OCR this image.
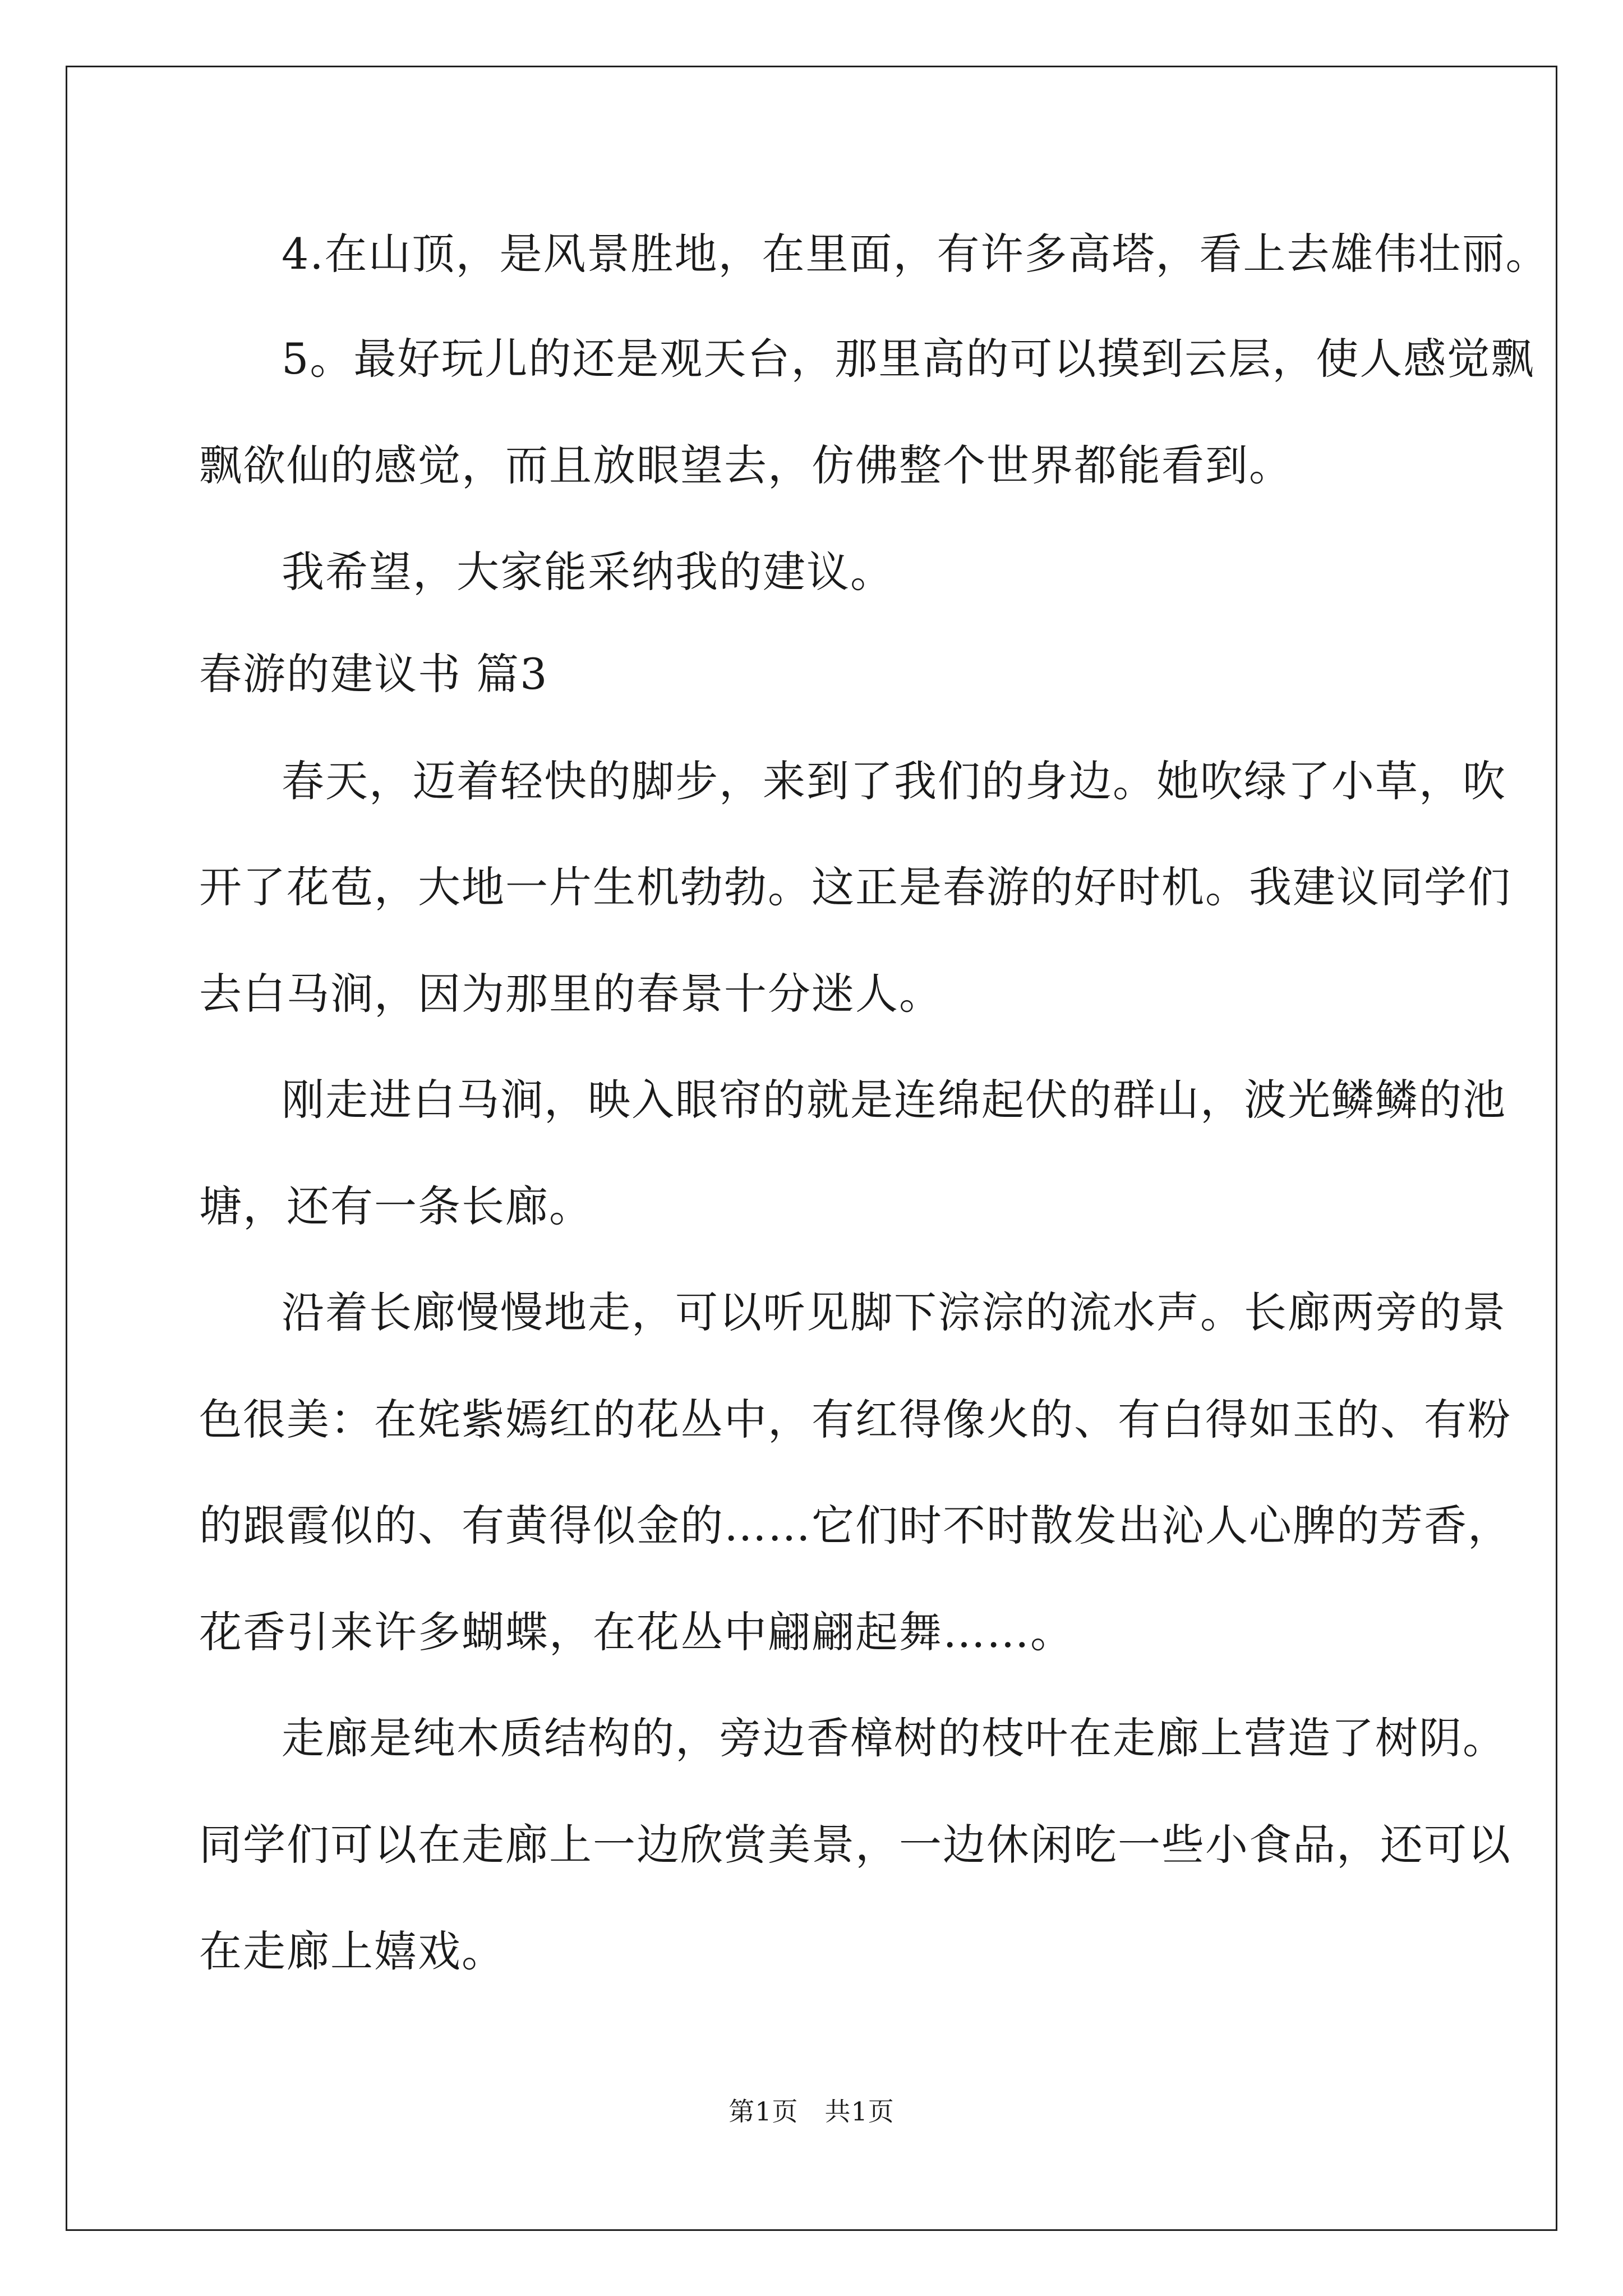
4.在山顶，是风景胜地，在里面，有许多高塔，看上去雄伟壮丽。
5。最好玩儿的还是观天台，那里高的可以摸到云层，使人感觉飘
飘欲仙的感觉，而且放眼望去，仿佛整个世界都能看到。
我希望，大家能采纳我的建议。
春游的建议书 篇3
春天，迈着轻快的脚步，来到了我们的身边。她吹绿了小草，吹
开了花苞，大地一片生机勃勃。这正是春游的好时机。我建议同学们
去白马涧，因为那里的春景十分迷人。
刚走进白马涧，映入眼帘的就是连绵起伏的群山，波光鳞鳞的池
塘，还有一条长廊。
沿着长廊慢慢地走，可以听见脚下淙淙的流水声。长廊两旁的景
色很美：在姹紫嫣红的花丛中，有红得像火的、有白得如玉的、有粉
的跟霞似的、有黄得似金的……它们时不时散发出沁人心脾的芳香，
花香引来许多蝴蝶，在花丛中翩翩起舞……。
走廊是纯木质结构的，旁边香樟树的枝叶在走廊上营造了树阴。
同学们可以在走廊上一边欣赏美景，一边休闲吃一些小食品，还可以
在走廊上嬉戏。
第1页　共1页
